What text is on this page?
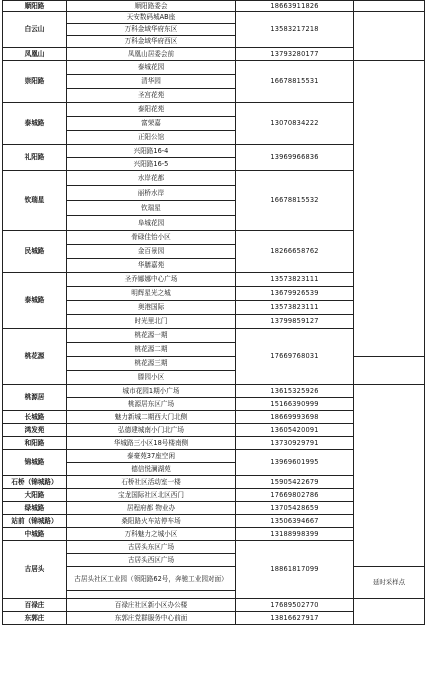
顺阳路	顺阳路委会	18663911826		
白云山	天安数码城AB座	13583217218		
	万科金域华府东区			
	万科金域华府西区			
凤凰山	凤凰山居委会前	13793280177	
崇阳路	泰城花园	16678815531		
	清华园			
	圣宫花苑			
泰城路	泰阳花苑	13070834222		
	富荣嘉			
	正阳公馆			
礼阳路	兴阳路16-4	13969966836		
	兴阳路16-5			
钦瑞星	水岸花都	16678815532		
	丽桥水岸			
	钦瑞星			
	阜城花园			
民城路	骨碌佳怡小区	18266658762		
	金百景园			
	华膳嘉苑			
泰城路	圣乔娜娜中心广场	13573823111		
	明辉星光之城	13679926539		
	奥港国际	13573823111		
	时光里北门	13799859127		
桃花源	桃花源一期	17669768031	
	桃花源二期			
	桃花源三期			
	滕园小区			
桃源居	城市花园1期小广场	13615325926		
	桃源居东区广场	15166390999		
长城路	魅力新城二期西大门北侧	18669993698		
鸿发苑	弘德建城南小门北广场	13605420091		
和阳路	华城路三小区18号楼南侧	13730929791		
锦城路	泰豪苑37座空闲	13969601995		
	德信悦澜湖苑			
石桥（锦城路）	石桥社区活动室一楼	15905422679		
大阳路	宝龙国际社区北区西门	17669802786		
绿城路	居程府都 物业办	13705428659		
站前（锦城路）	桑阳路火车站停车场	13506394667		
中城路	万科魅力之城小区	13188998399	
古居头	古居头东区广场	18861817099		
	古居头西区广场			
	古居头社区工业园（领阳路62号，奔驰工业园对面）		延时采样点	

百禄庄	百禄庄社区新小区办公楼	17689502770		
东郭庄	东郭庄党群服务中心前面	13816627917		
